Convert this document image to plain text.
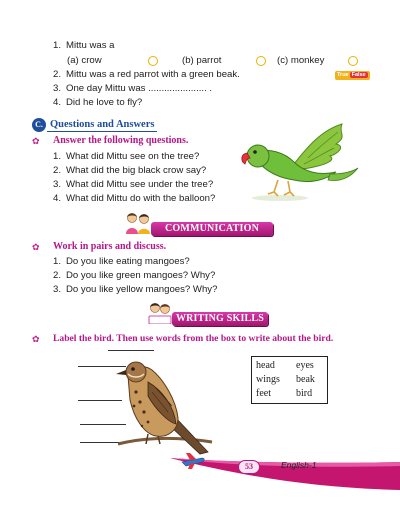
1. Mittu was a
(a) crow	(b) parrot	(c) monkey
2. Mittu was a red parrot with a green beak.	True False
3. One day Mittu was ...................... .
4. Did he love to fly?
C. Questions and Answers
✿ Answer the following questions.
1. What did Mittu see on the tree?
2. What did the big black crow say?
3. What did Mittu see under the tree?
4. What did Mittu do with the balloon?
COMMUNICATION SKILLS
✿ Work in pairs and discuss.
1. Do you like eating mangoes?
2. Do you like green mangoes? Why?
3. Do you like yellow mangoes? Why?
WRITING SKILLS
✿ Label the bird. Then use words from the box to write about the bird.
head eyes
wings beak
feet	bird
53	English-1
